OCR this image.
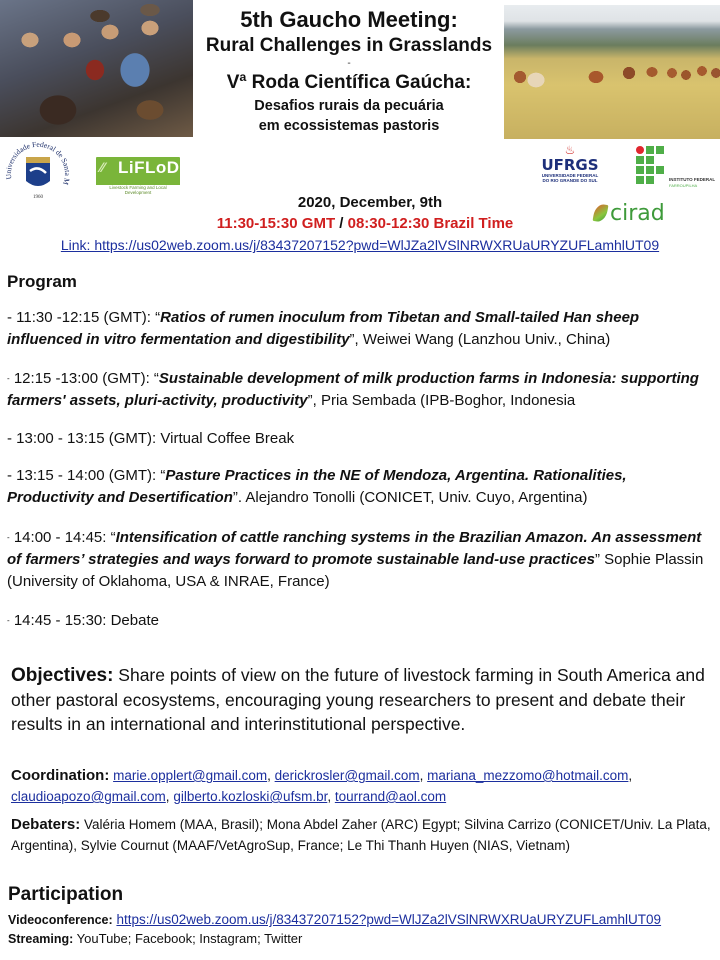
5th Gaucho Meeting:
Rural Challenges in Grasslands
-
Vª Roda Científica Gaúcha:
Desafios rurais da pecuária
em ecossistemas pastoris
Universidade Federal de Santa M
1960
⁄⁄ LiFLoD
Livestock Farming and Local Development
♨
UFRGS
UNIVERSIDADE FEDERAL
DO RIO GRANDE DO SUL	INSTITUTO FEDERAL
FARROUPILHA
cirad
2020, December, 9th
11:30-15:30 GMT / 08:30-12:30 Brazil Time
Link: https://us02web.zoom.us/j/83437207152?pwd=WlJZa2lVSlNRWXRUaURYZUFLamhlUT09
Program
- 11:30 -12:15 (GMT): “Ratios of rumen inoculum from Tibetan and Small-tailed Han sheep influenced in vitro fermentation and digestibility”, Weiwei Wang (Lanzhou Univ., China)
- 12:15 -13:00 (GMT): “Sustainable development of milk production farms in Indonesia: supporting farmers' assets, pluri-activity, productivity”, Pria Sembada (IPB-Boghor, Indonesia
- 13:00 - 13:15 (GMT): Virtual Coffee Break
- 13:15 - 14:00 (GMT): “Pasture Practices in the NE of Mendoza, Argentina. Rationalities, Productivity and Desertification”. Alejandro Tonolli (CONICET, Univ. Cuyo, Argentina)
- 14:00 - 14:45: “Intensification of cattle ranching systems in the Brazilian Amazon. An assessment of farmers’ strategies and ways forward to promote sustainable land-use practices” Sophie Plassin (University of Oklahoma, USA & INRAE, France)
- 14:45 - 15:30: Debate
Objectives: Share points of view on the future of livestock farming in South America and other pastoral ecosystems, encouraging young researchers to present and debate their results in an international and interinstitutional perspective.
Coordination: marie.opplert@gmail.com, derickrosler@gmail.com, mariana_mezzomo@hotmail.com,
claudioapozo@gmail.com, gilberto.kozloski@ufsm.br, tourrand@aol.com
Debaters: Valéria Homem (MAA, Brasil); Mona Abdel Zaher (ARC) Egypt; Silvina Carrizo (CONICET/Univ. La Plata, Argentina), Sylvie Cournut (MAAF/VetAgroSup, France; Le Thi Thanh Huyen (NIAS, Vietnam)
Participation
Videoconference: https://us02web.zoom.us/j/83437207152?pwd=WlJZa2lVSlNRWXRUaURYZUFLamhlUT09
Streaming: YouTube; Facebook; Instagram; Twitter
